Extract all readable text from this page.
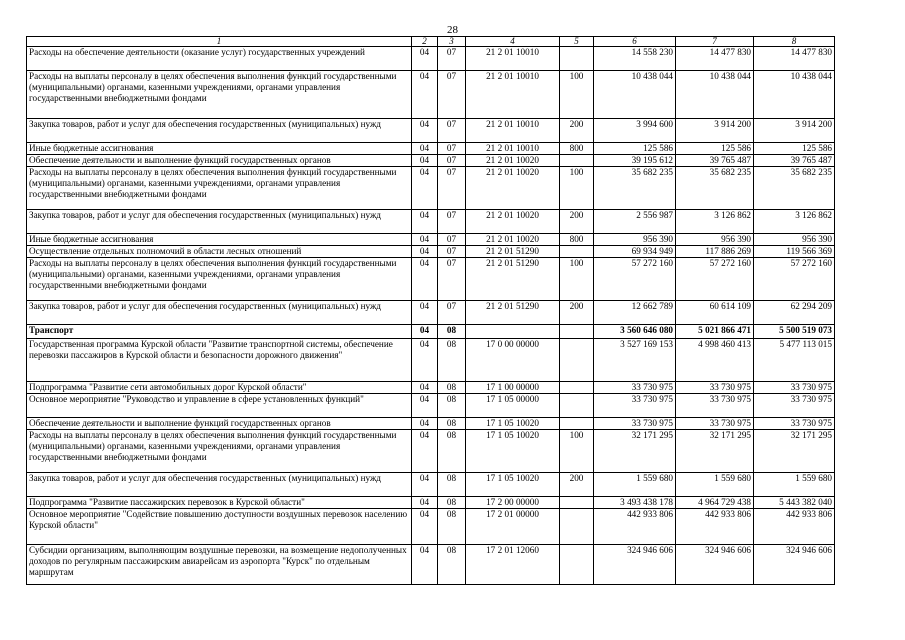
28
1	2	3	4	5	6	7	8
Расходы на обеспечение деятельности (оказание услуг) государственных учреждений	04	07	21 2 01 10010		14 558 230	14 477 830	14 477 830
Расходы на выплаты персоналу в целях обеспечения выполнения функций государственными (муниципальными) органами, казенными учреждениями, органами управления государственными внебюджетными фондами	04	07	21 2 01 10010	100	10 438 044	10 438 044	10 438 044
Закупка товаров, работ и услуг для обеспечения государственных (муниципальных) нужд	04	07	21 2 01 10010	200	3 994 600	3 914 200	3 914 200
Иные бюджетные ассигнования	04	07	21 2 01 10010	800	125 586	125 586	125 586
Обеспечение деятельности и выполнение функций государственных органов	04	07	21 2 01 10020		39 195 612	39 765 487	39 765 487
Расходы на выплаты персоналу в целях обеспечения выполнения функций государственными (муниципальными) органами, казенными учреждениями, органами управления государственными внебюджетными фондами	04	07	21 2 01 10020	100	35 682 235	35 682 235	35 682 235
Закупка товаров, работ и услуг для обеспечения государственных (муниципальных) нужд	04	07	21 2 01 10020	200	2 556 987	3 126 862	3 126 862
Иные бюджетные ассигнования	04	07	21 2 01 10020	800	956 390	956 390	956 390
Осуществление отдельных полномочий в области лесных отношений	04	07	21 2 01 51290		69 934 949	117 886 269	119 566 369
Расходы на выплаты персоналу в целях обеспечения выполнения функций государственными (муниципальными) органами, казенными учреждениями, органами управления государственными внебюджетными фондами	04	07	21 2 01 51290	100	57 272 160	57 272 160	57 272 160
Закупка товаров, работ и услуг для обеспечения государственных (муниципальных) нужд	04	07	21 2 01 51290	200	12 662 789	60 614 109	62 294 209
Транспорт	04	08			3 560 646 080	5 021 866 471	5 500 519 073
Государственная программа Курской области "Развитие транспортной системы, обеспечение перевозки пассажиров в Курской области и безопасности дорожного движения"	04	08	17 0 00 00000		3 527 169 153	4 998 460 413	5 477 113 015
Подпрограмма "Развитие сети автомобильных дорог Курской области"	04	08	17 1 00 00000		33 730 975	33 730 975	33 730 975
Основное мероприятие "Руководство и управление в сфере установленных функций"	04	08	17 1 05 00000		33 730 975	33 730 975	33 730 975
Обеспечение деятельности и выполнение функций государственных органов	04	08	17 1 05 10020		33 730 975	33 730 975	33 730 975
Расходы на выплаты персоналу в целях обеспечения выполнения функций государственными (муниципальными) органами, казенными учреждениями, органами управления государственными внебюджетными фондами	04	08	17 1 05 10020	100	32 171 295	32 171 295	32 171 295
Закупка товаров, работ и услуг для обеспечения государственных (муниципальных) нужд	04	08	17 1 05 10020	200	1 559 680	1 559 680	1 559 680
Подпрограмма "Развитие пассажирских перевозок в Курской области"	04	08	17 2 00 00000		3 493 438 178	4 964 729 438	5 443 382 040
Основное мероприятие "Содействие повышению доступности воздушных перевозок населению Курской области"	04	08	17 2 01 00000		442 933 806	442 933 806	442 933 806
Субсидии организациям, выполняющим воздушные перевозки, на возмещение недополученных доходов по регулярным пассажирским авиарейсам из аэропорта "Курск" по отдельным маршрутам	04	08	17 2 01 12060		324 946 606	324 946 606	324 946 606
